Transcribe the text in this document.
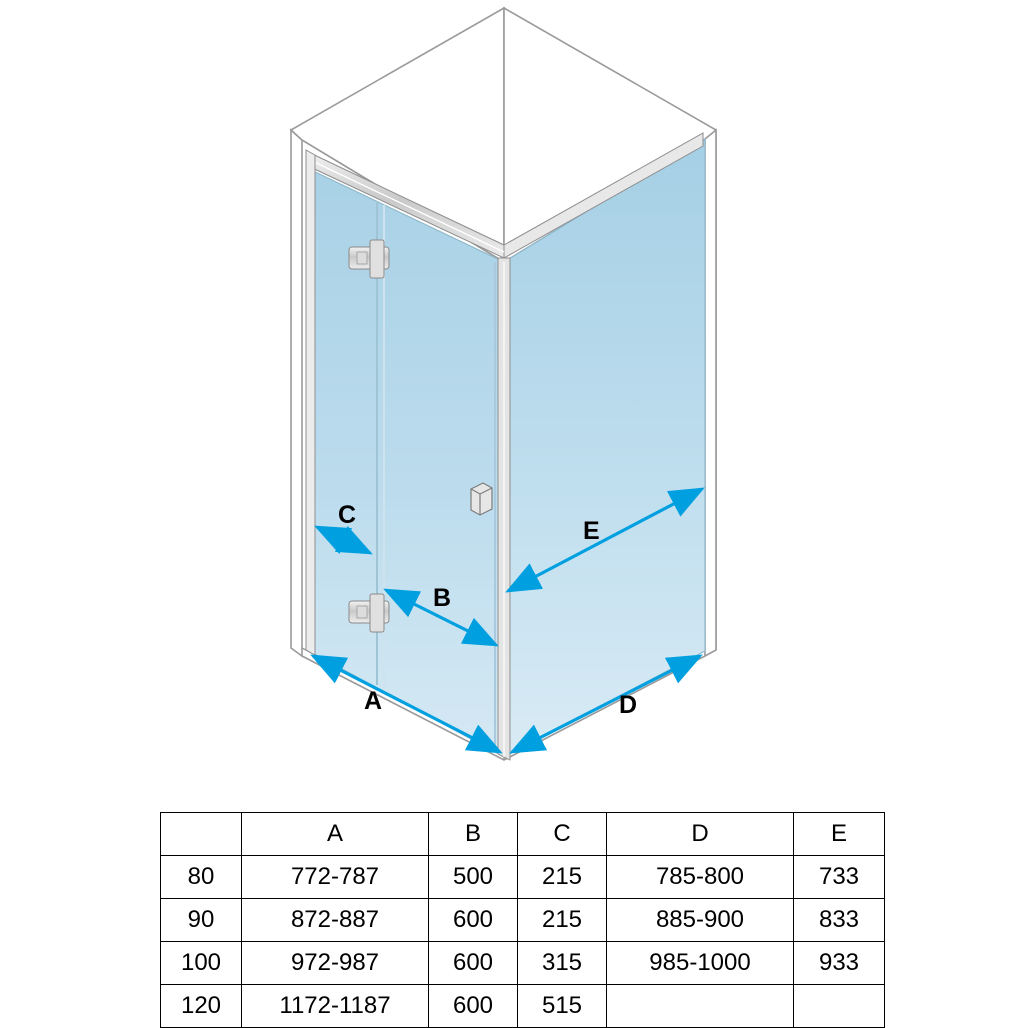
C
B
A	D
E
	A	B	C	D	E
80	772-787	500	215	785-800	733
90	872-887	600	215	885-900	833
100	972-987	600	315	985-1000	933
120	1172-1187	600	515		
